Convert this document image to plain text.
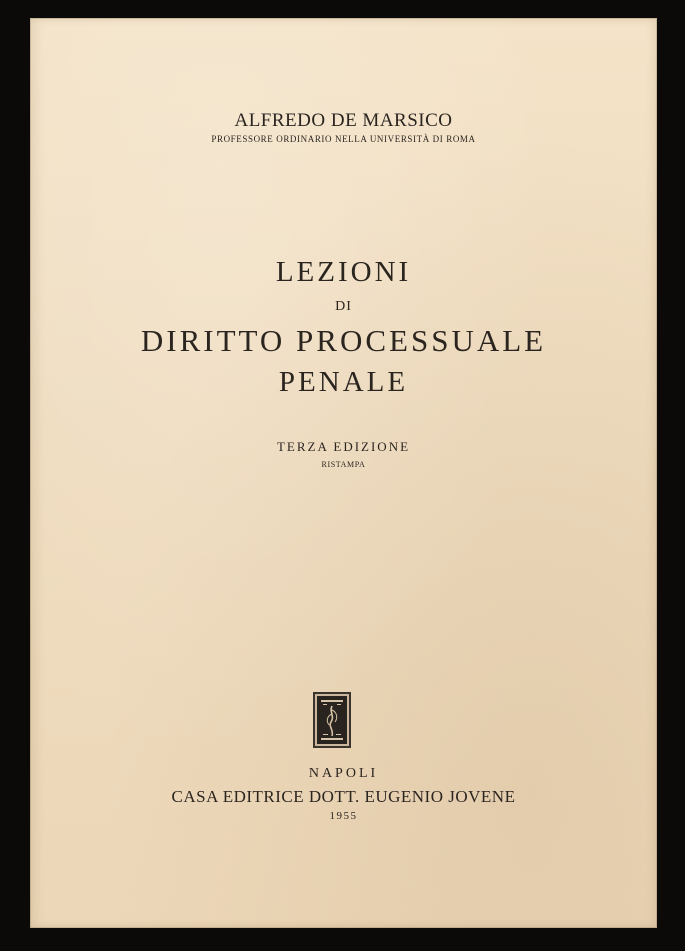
ALFREDO DE MARSICO
PROFESSORE ORDINARIO NELLA UNIVERSITÀ DI ROMA
LEZIONI
DI
DIRITTO PROCESSUALE
PENALE
TERZA EDIZIONE
RISTAMPA
NAPOLI
CASA EDITRICE DOTT. EUGENIO JOVENE
1955
